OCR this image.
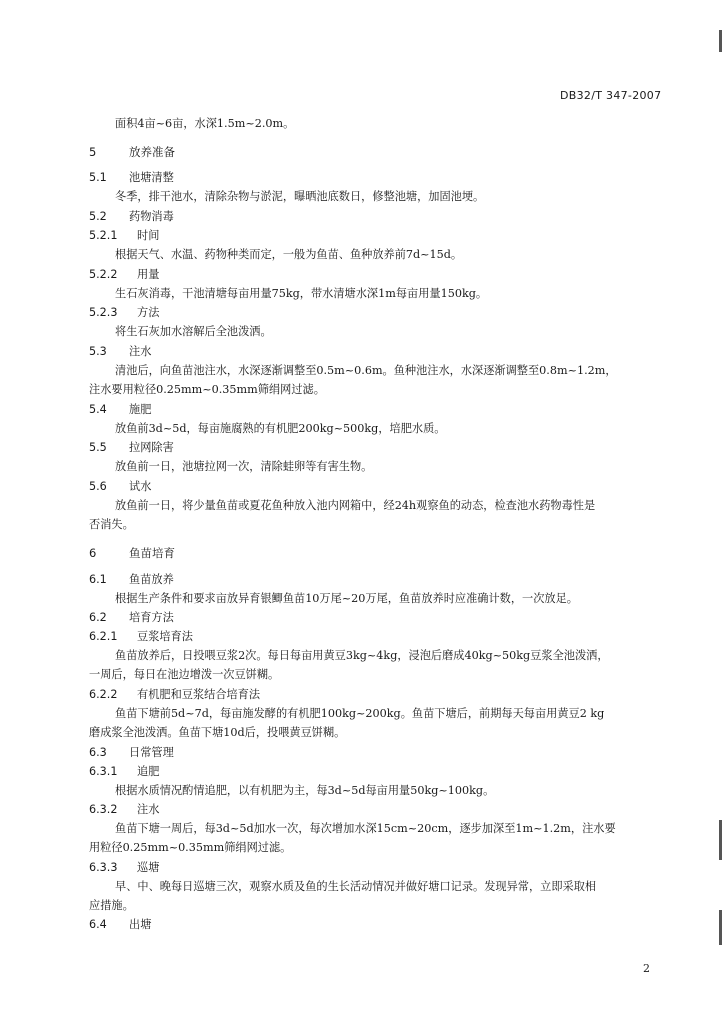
DB32/T 347-2007
面积4亩~6亩，水深1.5m~2.0m。
5	放养准备
5.1 池塘清整
冬季，排干池水，清除杂物与淤泥，曝晒池底数日，修整池塘，加固池埂。
5.2 药物消毒
5.2.1 时间
根据天气、水温、药物种类而定，一般为鱼苗、鱼种放养前7d~15d。
5.2.2 用量
生石灰消毒，干池清塘每亩用量75kg，带水清塘水深1m每亩用量150kg。
5.2.3 方法
将生石灰加水溶解后全池泼洒。
5.3 注水
清池后，向鱼苗池注水，水深逐渐调整至0.5m~0.6m。鱼种池注水，水深逐渐调整至0.8m~1.2m，
注水要用粒径0.25mm~0.35mm筛绢网过滤。
5.4 施肥
放鱼前3d~5d，每亩施腐熟的有机肥200kg~500kg，培肥水质。
5.5 拉网除害
放鱼前一日，池塘拉网一次，清除蛙卵等有害生物。
5.6 试水
放鱼前一日，将少量鱼苗或夏花鱼种放入池内网箱中，经24h观察鱼的动态，检查池水药物毒性是
否消失。
6	鱼苗培育
6.1 鱼苗放养
根据生产条件和要求亩放异育银鲫鱼苗10万尾~20万尾，鱼苗放养时应准确计数，一次放足。
6.2 培育方法
6.2.1 豆浆培育法
鱼苗放养后，日投喂豆浆2次。每日每亩用黄豆3kg~4kg，浸泡后磨成40kg~50kg豆浆全池泼洒，
一周后，每日在池边增泼一次豆饼糊。
6.2.2 有机肥和豆浆结合培育法
鱼苗下塘前5d~7d，每亩施发酵的有机肥100kg~200kg。鱼苗下塘后，前期每天每亩用黄豆2 kg
磨成浆全池泼洒。鱼苗下塘10d后，投喂黄豆饼糊。
6.3 日常管理
6.3.1 追肥
根据水质情况酌情追肥，以有机肥为主，每3d~5d每亩用量50kg~100kg。
6.3.2 注水
鱼苗下塘一周后，每3d~5d加水一次，每次增加水深15cm~20cm，逐步加深至1m~1.2m，注水要
用粒径0.25mm~0.35mm筛绢网过滤。
6.3.3 巡塘
早、中、晚每日巡塘三次，观察水质及鱼的生长活动情况并做好塘口记录。发现异常，立即采取相
应措施。
6.4 出塘
2
